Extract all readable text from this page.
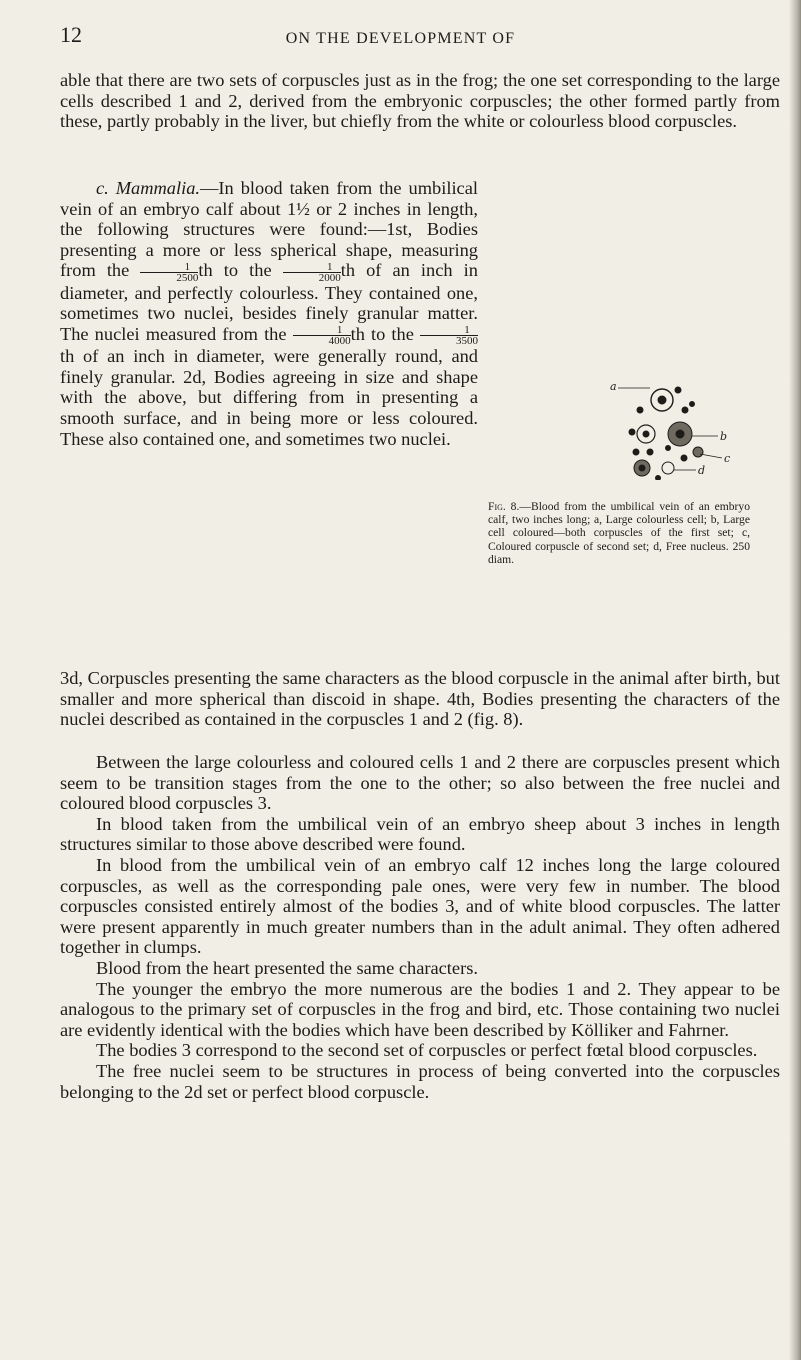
12	ON THE DEVELOPMENT OF

able that there are two sets of corpuscles just as in the frog; the one set corresponding to the large cells described 1 and 2, derived from the embryonic corpuscles; the other formed partly from these, partly probably in the liver, but chiefly from the white or colourless blood corpuscles.

c. Mammalia.—In blood taken from the umbilical vein of an embryo calf about 1½ or 2 inches in length, the following structures were found:—1st, Bodies presenting a more or less spherical shape, measuring from the $\frac{1}{2500}$ th to the $\frac{1}{2000}$ th of an inch in diameter, and perfectly colourless. They contained one, sometimes two nuclei, besides finely granular matter. The nuclei measured from the $\frac{1}{4000}$ th to the $\frac{1}{3500}$
th of an inch in diameter, were generally round, and finely granular. 2d, Bodies agreeing in size and shape with the above, but differing from in presenting a smooth surface, and in being more or less coloured. These also contained one, and sometimes two nuclei.

a
b
c
d
Fig. 8.—Blood from the umbilical vein of an embryo calf, two inches long; a, Large colourless cell; b, Large cell coloured—both corpuscles of the first set; c, Coloured corpuscle of second set; d, Free nucleus. 250 diam.

3d, Corpuscles presenting the same characters as the blood corpuscle in the animal after birth, but smaller and more spherical than discoid in shape. 4th, Bodies presenting the characters of the nuclei described as contained in the corpuscles 1 and 2 (fig. 8).

Between the large colourless and coloured cells 1 and 2 there are corpuscles present which seem to be transition stages from the one to the other; so also between the free nuclei and coloured blood corpuscles 3.

In blood taken from the umbilical vein of an embryo sheep about 3 inches in length structures similar to those above described were found.

In blood from the umbilical vein of an embryo calf 12 inches long the large coloured corpuscles, as well as the corresponding pale ones, were very few in number. The blood corpuscles consisted entirely almost of the bodies 3, and of white blood corpuscles. The latter were present apparently in much greater numbers than in the adult animal. They often adhered together in clumps.

Blood from the heart presented the same characters.

The younger the embryo the more numerous are the bodies 1 and 2. They appear to be analogous to the primary set of corpuscles in the frog and bird, etc. Those containing two nuclei are evidently identical with the bodies which have been described by Kölliker and Fahrner.

The bodies 3 correspond to the second set of corpuscles or perfect fœtal blood corpuscles.

The free nuclei seem to be structures in process of being converted into the corpuscles belonging to the 2d set or perfect blood corpuscle.
